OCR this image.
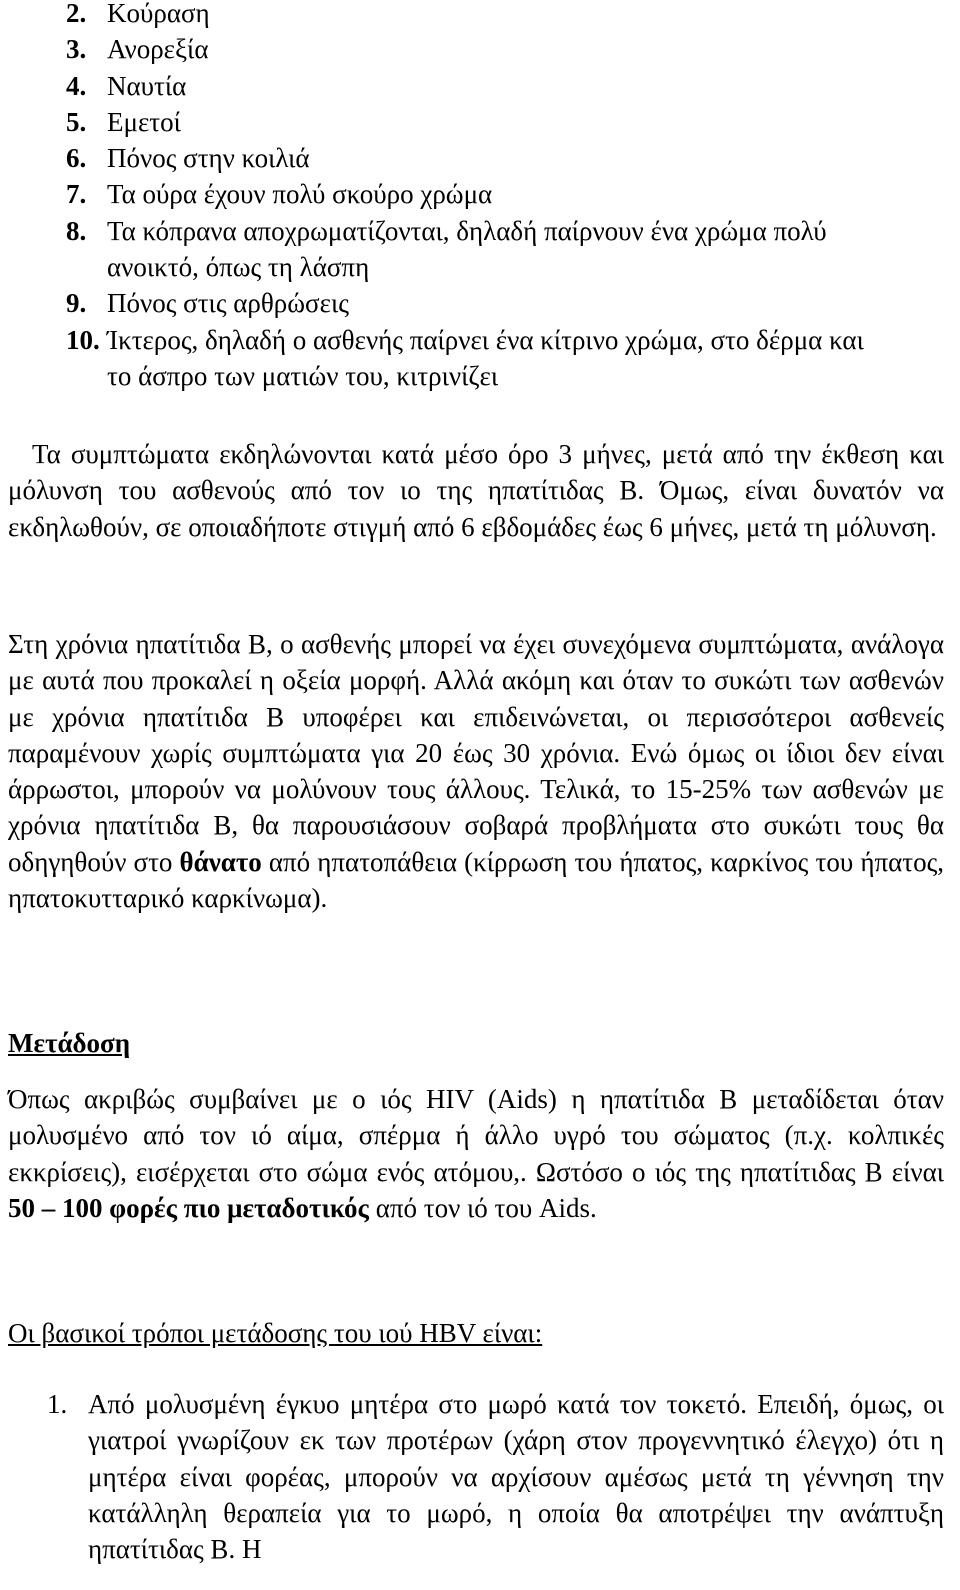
2. Κούραση
3. Ανορεξία
4. Ναυτία
5. Εμετοί
6. Πόνος στην κοιλιά
7. Τα ούρα έχουν πολύ σκούρο χρώμα
8. Τα κόπρανα αποχρωματίζονται, δηλαδή παίρνουν ένα χρώμα πολύ ανοικτό, όπως τη λάσπη
9. Πόνος στις αρθρώσεις
10. Ίκτερος, δηλαδή ο ασθενής παίρνει ένα κίτρινο χρώμα, στο δέρμα και το άσπρο των ματιών του, κιτρινίζει
Τα συμπτώματα εκδηλώνονται κατά μέσο όρο 3 μήνες, μετά από την έκθεση και μόλυνση του ασθενούς από τον ιο της ηπατίτιδας Β. Όμως, είναι δυνατόν να εκδηλωθούν, σε οποιαδήποτε στιγμή από 6 εβδομάδες έως 6 μήνες, μετά τη μόλυνση.
Στη χρόνια ηπατίτιδα Β, ο ασθενής μπορεί να έχει συνεχόμενα συμπτώματα, ανάλογα με αυτά που προκαλεί η οξεία μορφή. Αλλά ακόμη και όταν το συκώτι των ασθενών με χρόνια ηπατίτιδα Β υποφέρει και επιδεινώνεται, οι περισσότεροι ασθενείς παραμένουν χωρίς συμπτώματα για 20 έως 30 χρόνια. Ενώ όμως οι ίδιοι δεν είναι άρρωστοι, μπορούν να μολύνουν τους άλλους. Τελικά, το 15-25% των ασθενών με χρόνια ηπατίτιδα Β, θα παρουσιάσουν σοβαρά προβλήματα στο συκώτι τους θα οδηγηθούν στο θάνατο από ηπατοπάθεια (κίρρωση του ήπατος, καρκίνος του ήπατος, ηπατοκυτταρικό καρκίνωμα).
Μετάδοση
Όπως ακριβώς συμβαίνει με ο ιός HIV (Aids) η ηπατίτιδα Β μεταδίδεται όταν μολυσμένο από τον ιό αίμα, σπέρμα ή άλλο υγρό του σώματος (π.χ. κολπικές εκκρίσεις), εισέρχεται στο σώμα ενός ατόμου,. Ωστόσο ο ιός της ηπατίτιδας Β είναι 50 – 100 φορές πιο μεταδοτικός από τον ιό του Aids.
Οι βασικοί τρόποι μετάδοσης του ιού HBV είναι:
1. Από μολυσμένη έγκυο μητέρα στο μωρό κατά τον τοκετό. Επειδή, όμως, οι γιατροί γνωρίζουν εκ των προτέρων (χάρη στον προγεννητικό έλεγχο) ότι η μητέρα είναι φορέας, μπορούν να αρχίσουν αμέσως μετά τη γέννηση την κατάλληλη θεραπεία για το μωρό, η οποία θα αποτρέψει την ανάπτυξη ηπατίτιδας Β. Η
